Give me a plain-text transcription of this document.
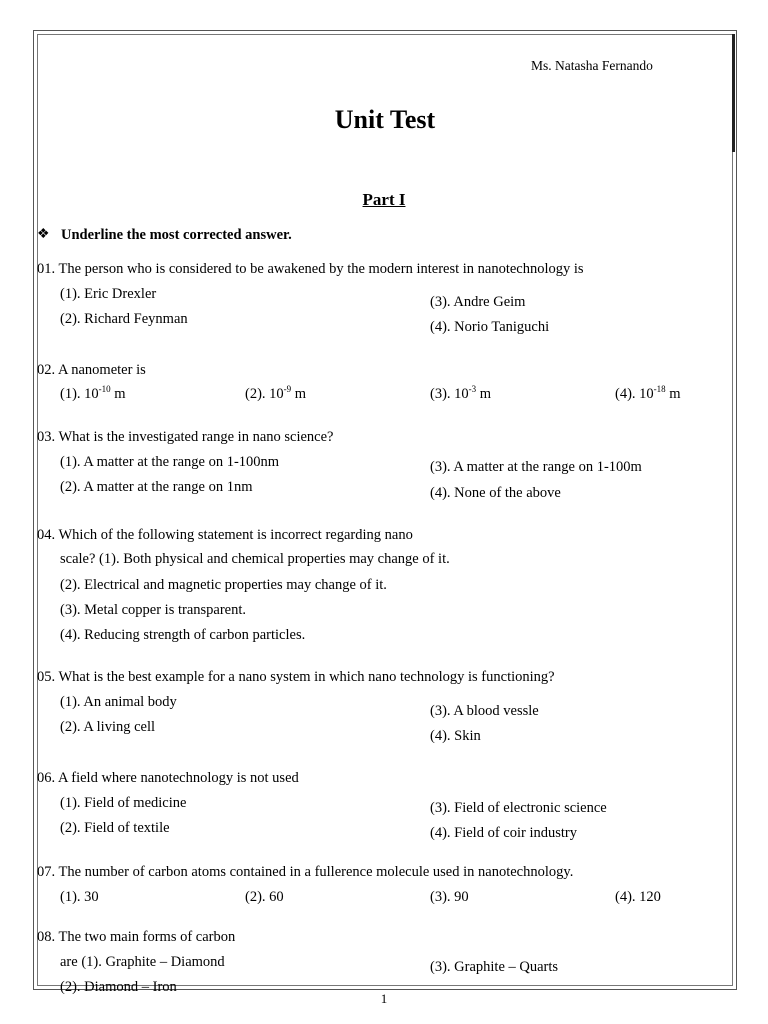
Ms. Natasha Fernando
Unit Test
Part I
❖ Underline the most corrected answer.
01. The person who is considered to be awakened by the modern interest in nanotechnology is
(1). Eric Drexler
(2). Richard Feynman
(3). Andre Geim
(4). Norio Taniguchi
02. A nanometer is
(1). $10^{-10}$ m	(2). $10^{-9}$ m	(3). $10^{-3}$ m	(4). $10^{-18}$ m
03. What is the investigated range in nano science?
(1). A matter at the range on 1-100nm
(2). A matter at the range on 1nm
(3). A matter at the range on 1-100m
(4). None of the above
04. Which of the following statement is incorrect regarding nano
scale? (1). Both physical and chemical properties may change of it.
(2). Electrical and magnetic properties may change of it.
(3). Metal copper is transparent.
(4). Reducing strength of carbon particles.
05. What is the best example for a nano system in which nano technology is functioning?
(1). An animal body
(2). A living cell
(3). A blood vessle
(4). Skin
06. A field where nanotechnology is not used
(1). Field of medicine
(2). Field of textile
(3). Field of electronic science
(4). Field of coir industry
07. The number of carbon atoms contained in a fullerence molecule used in nanotechnology.
(1). 30	(2). 60	(3). 90	(4). 120
08. The two main forms of carbon
are (1). Graphite – Diamond
(2). Diamond – Iron
(3). Graphite – Quarts
1
